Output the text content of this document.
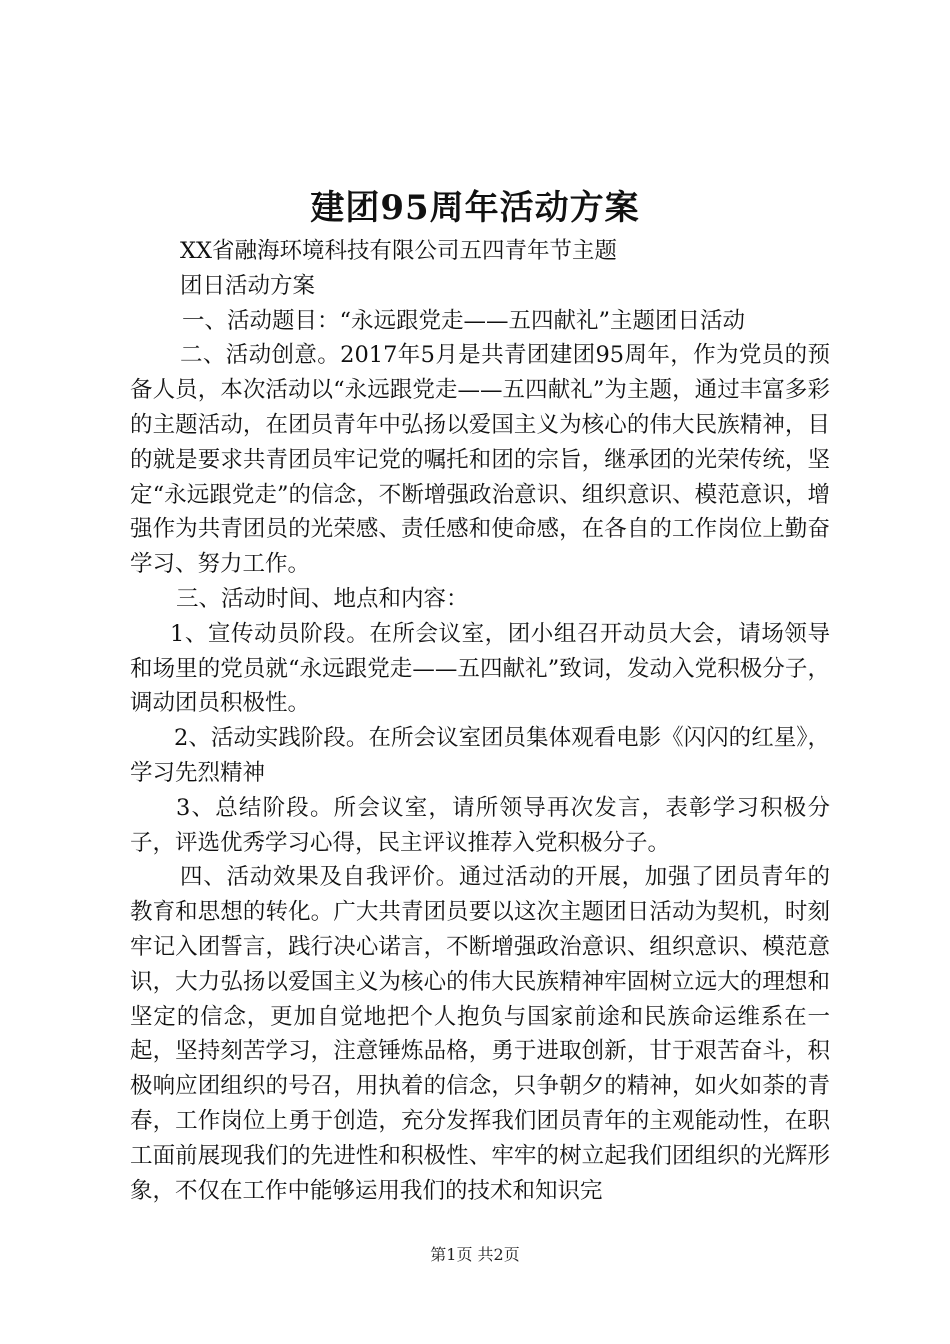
建团95周年活动方案

XX省融海环境科技有限公司五四青年节主题

团日活动方案

一、活动题目：“永远跟党走——五四献礼”主题团日活动

二、活动创意。2017年5月是共青团建团95周年，作为党员的预备人员，本次活动以“永远跟党走——五四献礼”为主题，通过丰富多彩的主题活动，在团员青年中弘扬以爱国主义为核心的伟大民族精神，目的就是要求共青团员牢记党的嘱托和团的宗旨，继承团的光荣传统，坚定“永远跟党走”的信念，不断增强政治意识、组织意识、模范意识，增强作为共青团员的光荣感、责任感和使命感，在各自的工作岗位上勤奋学习、努力工作。

三、活动时间、地点和内容：

1、宣传动员阶段。在所会议室，团小组召开动员大会，请场领导和场里的党员就“永远跟党走——五四献礼”致词，发动入党积极分子，调动团员积极性。

2、活动实践阶段。在所会议室团员集体观看电影《闪闪的红星》，学习先烈精神

3、总结阶段。所会议室，请所领导再次发言，表彰学习积极分子，评选优秀学习心得，民主评议推荐入党积极分子。

四、活动效果及自我评价。通过活动的开展，加强了团员青年的教育和思想的转化。广大共青团员要以这次主题团日活动为契机，时刻牢记入团誓言，践行决心诺言，不断增强政治意识、组织意识、模范意识，大力弘扬以爱国主义为核心的伟大民族精神牢固树立远大的理想和坚定的信念，更加自觉地把个人抱负与国家前途和民族命运维系在一起，坚持刻苦学习，注意锤炼品格，勇于进取创新，甘于艰苦奋斗，积极响应团组织的号召，用执着的信念，只争朝夕的精神，如火如荼的青春，工作岗位上勇于创造，充分发挥我们团员青年的主观能动性，在职工面前展现我们的先进性和积极性、牢牢的树立起我们团组织的光辉形象，不仅在工作中能够运用我们的技术和知识完

第1页 共2页
